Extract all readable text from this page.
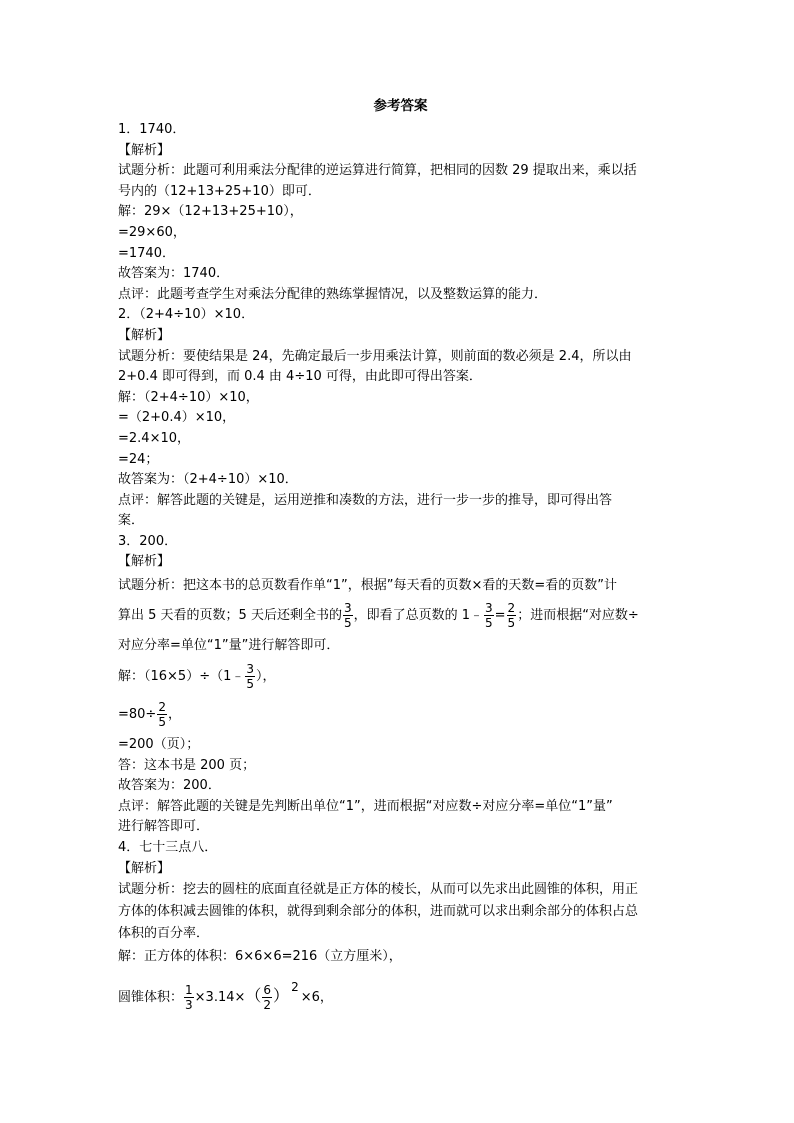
参考答案
1．1740．
【解析】
试题分析：此题可利用乘法分配律的逆运算进行简算，把相同的因数 29 提取出来，乘以括
号内的（12+13+25+10）即可．
解：29×（12+13+25+10），
=29×60，
=1740．
故答案为：1740．
点评：此题考查学生对乘法分配律的熟练掌握情况，以及整数运算的能力．
2．（2+4÷10）×10．
【解析】
试题分析：要使结果是 24，先确定最后一步用乘法计算，则前面的数必须是 2.4，所以由
2+0.4 即可得到，而 0.4 由 4÷10 可得，由此即可得出答案．
解：（2+4÷10）×10，
=（2+0.4）×10，
=2.4×10，
=24；
故答案为：（2+4÷10）×10．
点评：解答此题的关键是，运用逆推和凑数的方法，进行一步一步的推导，即可得出答
案．
3．200．
【解析】
试题分析：把这本书的总页数看作单“1”，根据”每天看的页数×看的天数=看的页数”计
算出 5 天看的页数；5 天后还剩全书的 $\frac{3}{5}$ ，即看了总页数的 1﹣ $\frac{3}{5} = \frac{2}{5}$ ；进而根据“对应数÷
对应分率=单位“1”量”进行解答即可．
解：（16×5）÷（1﹣ $\frac{3}{5}$ ），
$=80\div \frac{2}{5}$ ，
=200（页）；
答：这本书是 200 页；
故答案为：200．
点评：解答此题的关键是先判断出单位“1”，进而根据“对应数÷对应分率=单位“1”量”
进行解答即可．
4．七十三点八．
【解析】
试题分析：挖去的圆柱的底面直径就是正方体的棱长，从而可以先求出此圆锥的体积，用正
方体的体积减去圆锥的体积，就得到剩余部分的体积，进而就可以求出剩余部分的体积占总
体积的百分率．
解：正方体的体积：6×6×6=216（立方厘米），
圆锥体积： $\frac{1}{3} \times 3.14\times( \frac{6}{2}$ ） 2×6，
